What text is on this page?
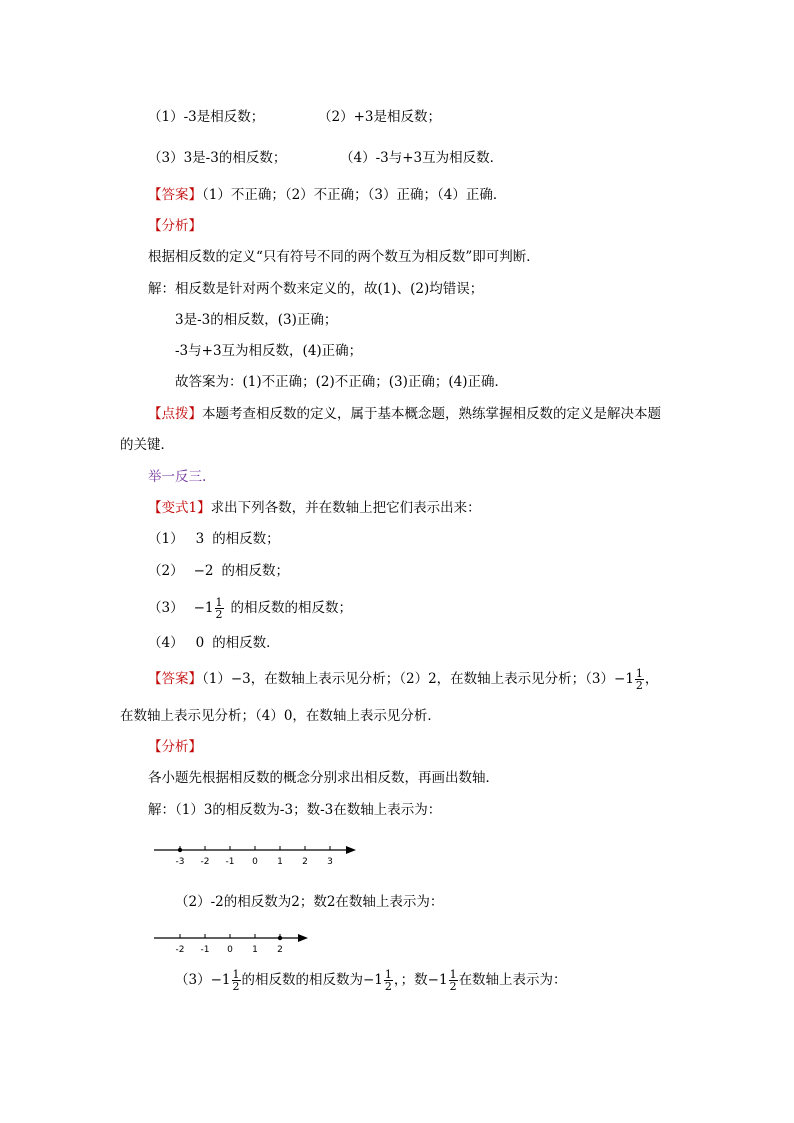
（1）-3是相反数；	（2）+3是相反数；
（3）3是-3的相反数；	（4）-3与+3互为相反数．
【答案】（1）不正确；（2）不正确；（3）正确；（4）正确．
【分析】
根据相反数的定义“只有符号不同的两个数互为相反数”即可判断．
解：相反数是针对两个数来定义的，故(1)、(2)均错误；
3是-3的相反数，(3)正确；
-3与+3互为相反数，(4)正确；
故答案为：(1)不正确；(2)不正确；(3)正确；(4)正确．
【点拨】本题考查相反数的定义，属于基本概念题，熟练掌握相反数的定义是解决本题
的关键．
举一反三.
【变式1】求出下列各数，并在数轴上把它们表示出来：
（1） 3 的相反数；
（2） −2 的相反数；
$(3) -1 \frac{1}{2}$ 的相反数的相反数；
（4） 0 的相反数．
【答案】（1）−3，在数轴上表示见分析；（2）2，在数轴上表示见分析；$(3)-1 \frac{1}{2}$ ，
在数轴上表示见分析；（4）0，在数轴上表示见分析．
【分析】
各小题先根据相反数的概念分别求出相反数，再画出数轴．
解：（1）3的相反数为-3；数-3在数轴上表示为：
-3 -2 -1 0 1 2 3
（2）-2的相反数为2；数2在数轴上表示为：
-2 -1 0 1 2
$(3)-1 \frac{1}{2}$ 的相反数的相反数为$-1 \frac{1}{2}$ ，；数$-1 \frac{1}{2}$ 在数轴上表示为：
